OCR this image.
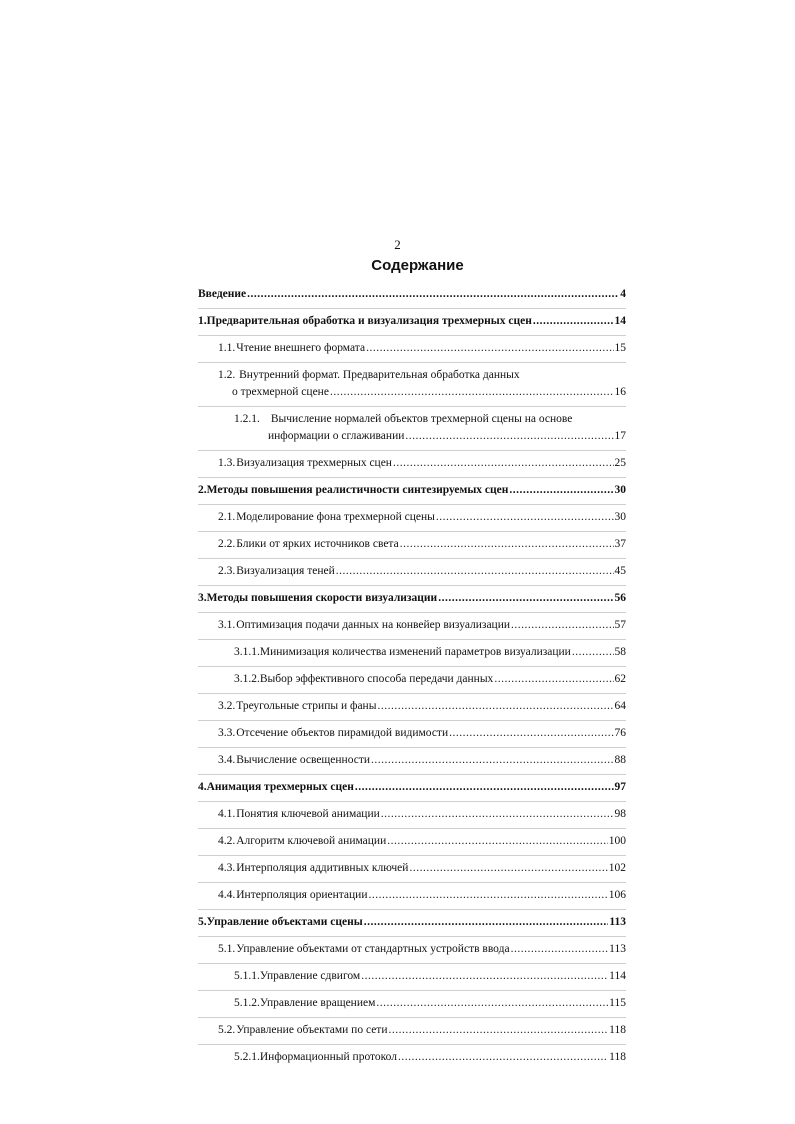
2
Содержание
Введение .....	4
1. Предварительная обработка и визуализация трехмерных сцен .....	14
1.1. Чтение внешнего формата .....	15
1.2. Внутренний формат. Предварительная обработка данных
о трехмерной сцене .....	16
1.2.1. Вычисление нормалей объектов трехмерной сцены на основе
информации о сглаживании .....	17
1.3. Визуализация трехмерных сцен .....	25
2. Методы повышения реалистичности синтезируемых сцен .....	30
2.1. Моделирование фона трехмерной сцены .....	30
2.2. Блики от ярких источников света .....	37
2.3. Визуализация теней .....	45
3. Методы повышения скорости визуализации .....	56
3.1. Оптимизация подачи данных на конвейер визуализации .....	57
3.1.1. Минимизация количества изменений параметров визуализации .....	58
3.1.2. Выбор эффективного способа передачи данных .....	62
3.2. Треугольные стрипы и фаны .....	64
3.3. Отсечение объектов пирамидой видимости .....	76
3.4. Вычисление освещенности .....	88
4. Анимация трехмерных сцен .....	97
4.1. Понятия ключевой анимации .....	98
4.2. Алгоритм ключевой анимации .....	100
4.3. Интерполяция аддитивных ключей .....	102
4.4. Интерполяция ориентации .....	106
5. Управление объектами сцены .....	113
5.1. Управление объектами от стандартных устройств ввода .....	113
5.1.1. Управление сдвигом .....	114
5.1.2. Управление вращением .....	115
5.2. Управление объектами по сети .....	118
5.2.1. Информационный протокол .....	118
